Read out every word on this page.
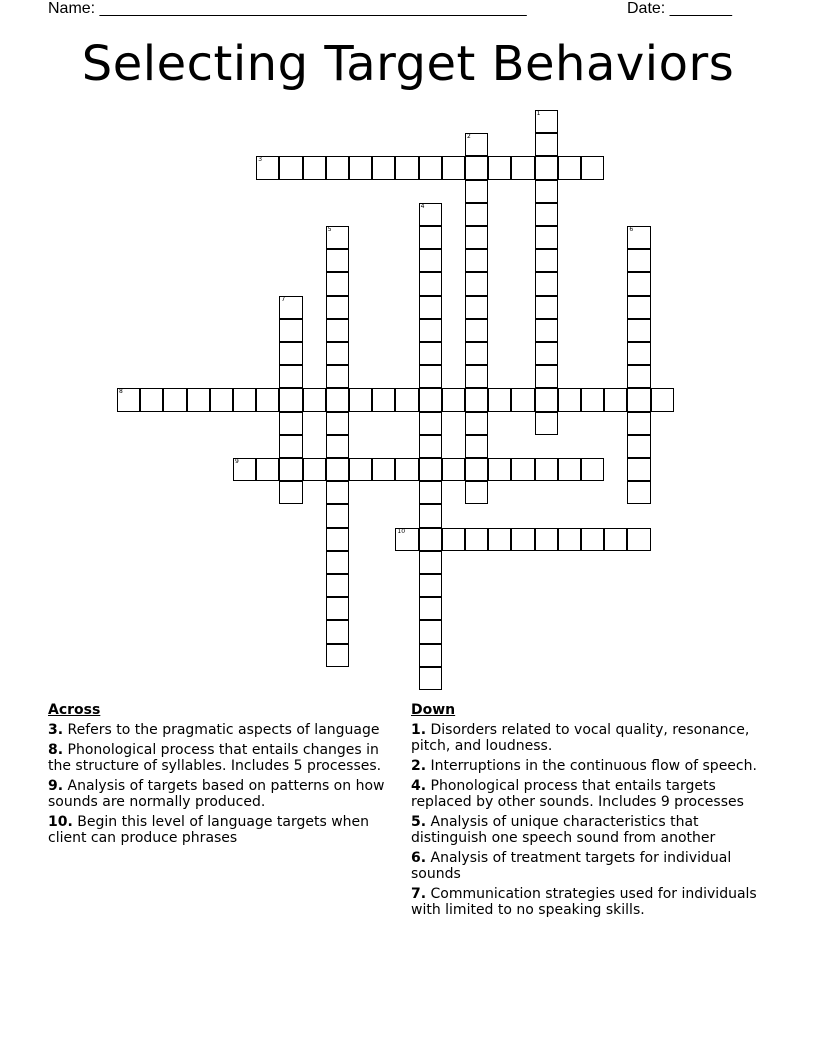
Name: ________________________________________________	Date: _______
Selecting Target Behaviors
1
2
3
4
5	6
7
8
9
10
Across
3. Refers to the pragmatic aspects of language
8. Phonological process that entails changes in the structure of syllables. Includes 5 processes.
9. Analysis of targets based on patterns on how sounds are normally produced.
10. Begin this level of language targets when client can produce phrases
Down
1. Disorders related to vocal quality, resonance, pitch, and loudness.
2. Interruptions in the continuous flow of speech.
4. Phonological process that entails targets replaced by other sounds. Includes 9 processes
5. Analysis of unique characteristics that distinguish one speech sound from another
6. Analysis of treatment targets for individual sounds
7. Communication strategies used for individuals with limited to no speaking skills.
